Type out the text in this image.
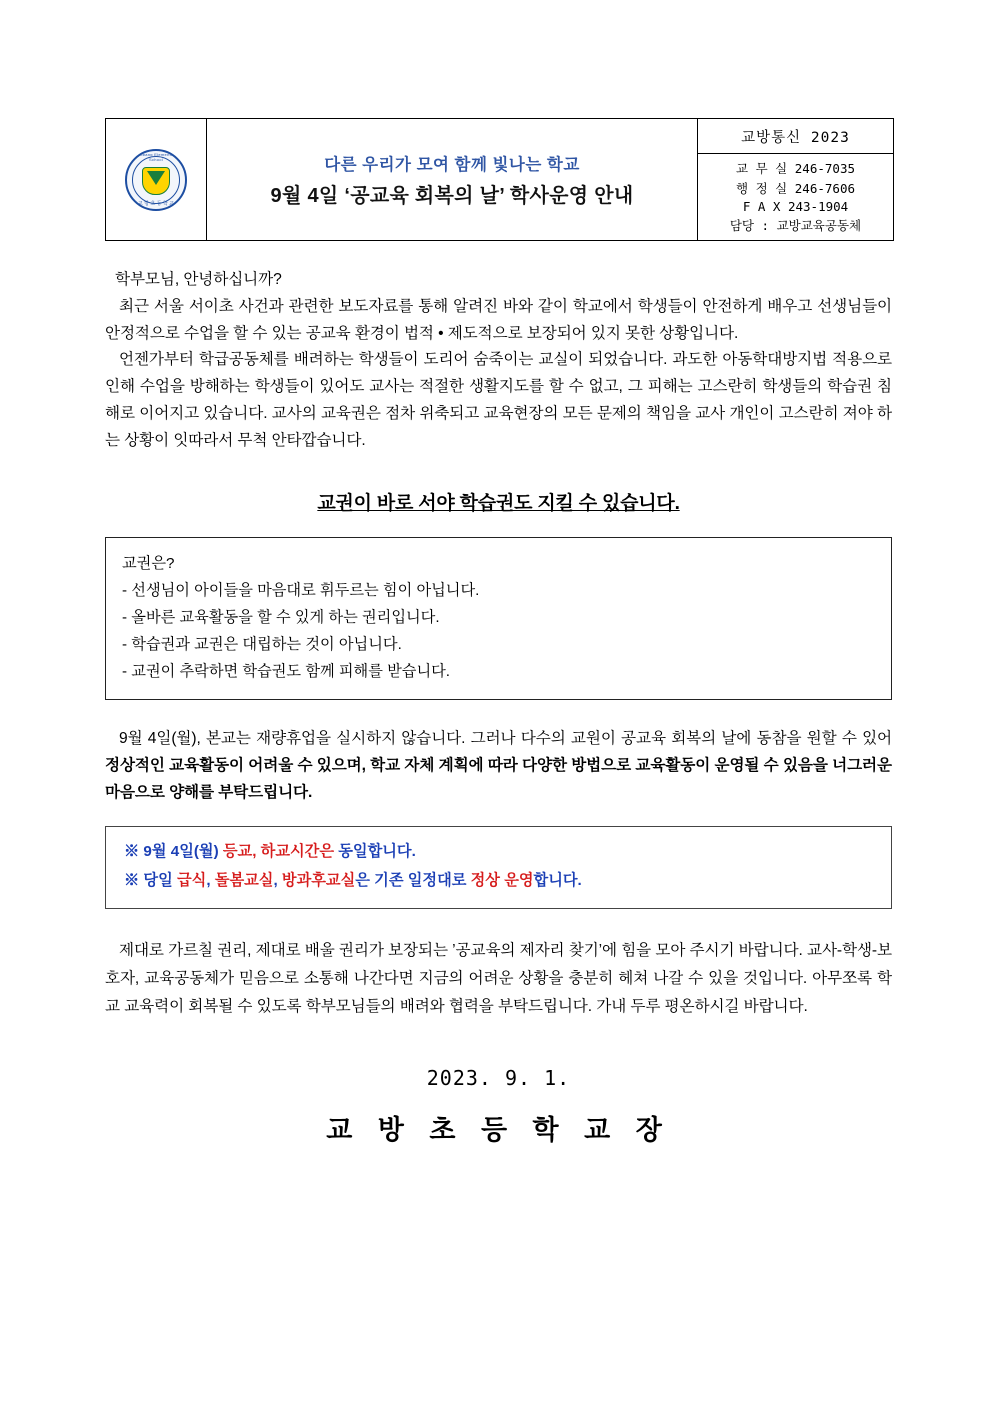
Gyobang Elementary School
교 방 초 등 학 교

다른 우리가 모여 함께 빛나는 학교
9월 4일 ‘공교육 회복의 날’ 학사운영 안내

교방통신 2023
교 무 실 246-7035
행 정 실 246-7606
F A X 243-1904
담당 : 교방교육공동체

학부모님, 안녕하십니까?

최근 서울 서이초 사건과 관련한 보도자료를 통해 알려진 바와 같이 학교에서 학생들이 안전하게 배우고 선생님들이 안정적으로 수업을 할 수 있는 공교육 환경이 법적 • 제도적으로 보장되어 있지 못한 상황입니다.

언젠가부터 학급공동체를 배려하는 학생들이 도리어 숨죽이는 교실이 되었습니다. 과도한 아동학대방지법 적용으로 인해 수업을 방해하는 학생들이 있어도 교사는 적절한 생활지도를 할 수 없고, 그 피해는 고스란히 학생들의 학습권 침해로 이어지고 있습니다. 교사의 교육권은 점차 위축되고 교육현장의 모든 문제의 책임을 교사 개인이 고스란히 져야 하는 상황이 잇따라서 무척 안타깝습니다.

교권이 바로 서야 학습권도 지킬 수 있습니다.
교권은?
- 선생님이 아이들을 마음대로 휘두르는 힘이 아닙니다.
- 올바른 교육활동을 할 수 있게 하는 권리입니다.
- 학습권과 교권은 대립하는 것이 아닙니다.
- 교권이 추락하면 학습권도 함께 피해를 받습니다.
9월 4일(월), 본교는 재량휴업을 실시하지 않습니다. 그러나 다수의 교원이 공교육 회복의 날에 동참을 원할 수 있어 정상적인 교육활동이 어려울 수 있으며, 학교 자체 계획에 따라 다양한 방법으로 교육활동이 운영될 수 있음을 너그러운 마음으로 양해를 부탁드립니다.
※ 9월 4일(월) 등교, 하교시간은 동일합니다.
※ 당일 급식, 돌봄교실, 방과후교실은 기존 일정대로 정상 운영합니다.
제대로 가르칠 권리, 제대로 배울 권리가 보장되는 ’공교육의 제자리 찾기’에 힘을 모아 주시기 바랍니다. 교사-학생-보호자, 교육공동체가 믿음으로 소통해 나간다면 지금의 어려운 상황을 충분히 헤쳐 나갈 수 있을 것입니다. 아무쪼록 학교 교육력이 회복될 수 있도록 학부모님들의 배려와 협력을 부탁드립니다. 가내 두루 평온하시길 바랍니다.
2023. 9. 1.
교 방 초 등 학 교 장
